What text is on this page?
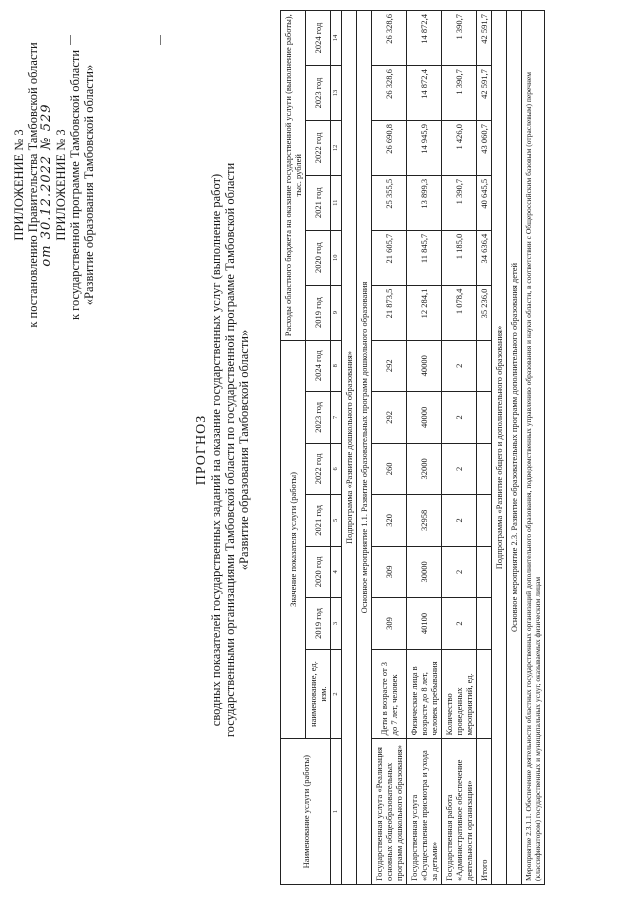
ПРИЛОЖЕНИЕ № 3 к постановлению Правительства Тамбовской области от 30.12.2022 № 529 ПРИЛОЖЕНИЕ № 3 к государственной программе Тамбовской области «Развитие образования Тамбовской области»
ПРОГНОЗ сводных показателей государственных заданий на оказание государственных услуг (выполнение работ) государственными организациями Тамбовской области по государственной программе Тамбовской области «Развитие образования Тамбовской области»
Наименование услуги (работы)	Значение показателя услуги (работы)							Расходы областного бюджета на оказание государственной услуги (выполнение работы), тыс. рублей					
	наименование, ед. изм.	2019 год	2020 год	2021 год	2022 год	2023 год	2024 год	2019 год	2020 год	2021 год	2022 год	2023 год	2024 год
1	2	3	4	5	6	7	8	9	10	11	12	13	14
Подпрограмма «Развитие дошкольного образования»													
Основное мероприятие 1.1. Развитие образовательных программ дошкольного образования													
Государственная услуга «Реализация основных общеобразовательных программ дошкольного образования»	Дети в возрасте от 3 до 7 лет, человек	309	309	320	260	292	292	21 873,5	21 605,7	25 355,5	26 690,8	26 328,6	26 328,6
Государственная услуга «Осуществление присмотра и ухода за детьми»	Физические лица в возрасте до 8 лет, человек пребывания	40100	30000	32958	32000	40000	40000	12 284,1	11 845,7	13 899,3	14 945,9	14 872,4	14 872,4
Государственная работа «Административное обеспечение деятельности организации»	Количество проведенных мероприятий, ед.	2	2	2	2	2	2	1 078,4	1 185,0	1 390,7	1 426,0	1 390,7	1 390,7
Итого								35 236,0	34 636,4	40 645,5	43 060,7	42 591,7	42 591,7
Подпрограмма «Развитие общего и дополнительного образования»													
Основное мероприятие 2.3. Развитие образовательных программ дополнительного образования детей													
Мероприятие 2.3.1.1. Обеспечение деятельности областных государственных организаций дополнительного образования, подведомственных управлению образования и науки области, в соответствии с Общероссийским базовым (отраслевым) перечнем (классификатором) государственных и муниципальных услуг, оказываемых физическим лицам													
